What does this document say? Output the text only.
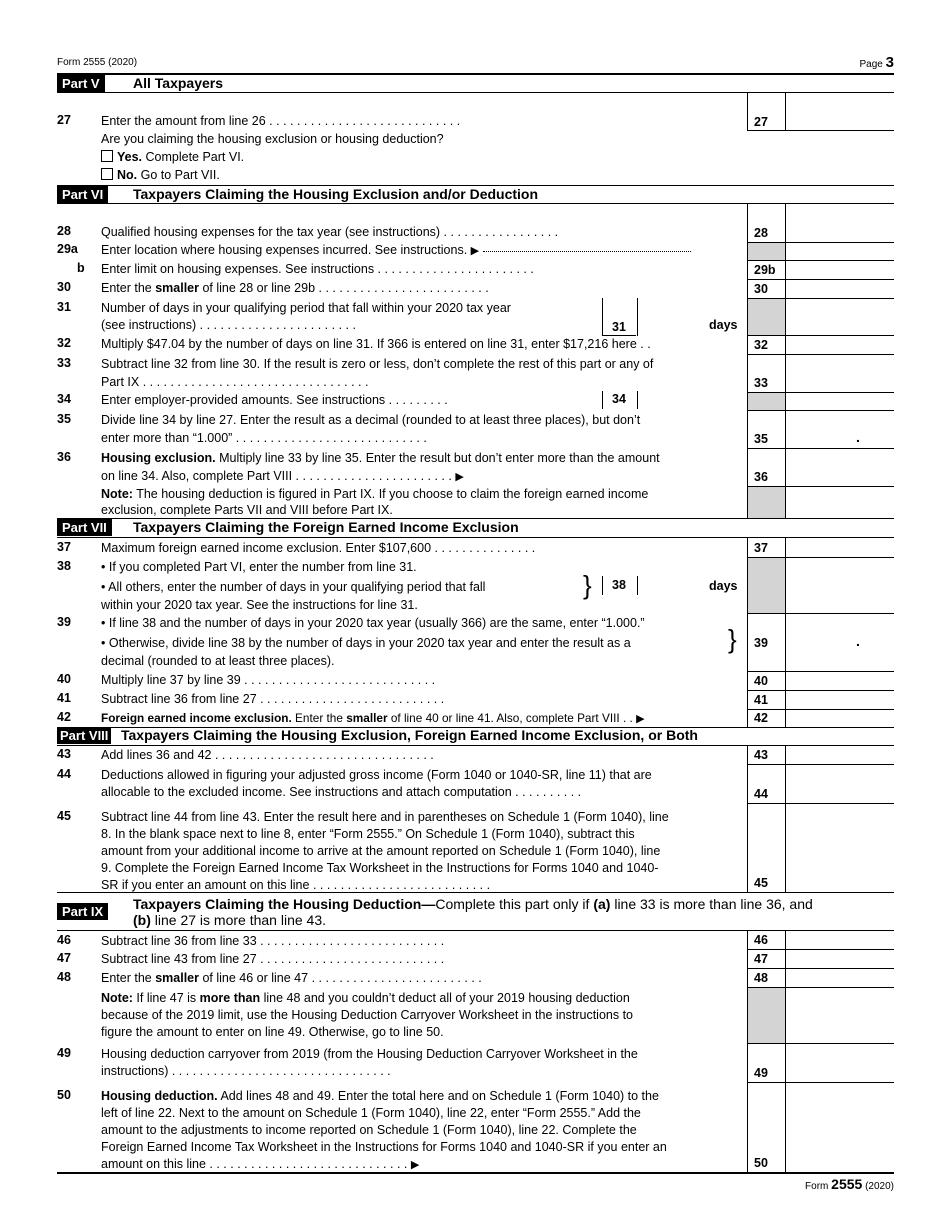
Form 2555 (2020)	Page 3
Part V	All Taxpayers
27
27 Enter the amount from line 26 . . . . . . . . . . . . . . . . . . . . . . . . . . . .
Are you claiming the housing exclusion or housing deduction?
Yes. Complete Part VI.
No. Go to Part VII.
Part VI	Taxpayers Claiming the Housing Exclusion and/or Deduction
28
28 Qualified housing expenses for the tax year (see instructions) . . . . . . . . . . . . . . . . .
29a Enter location where housing expenses incurred. See instructions. ▶
29b
b Enter limit on housing expenses. See instructions . . . . . . . . . . . . . . . . . . . . . . .
30
30 Enter the smaller of line 28 or line 29b . . . . . . . . . . . . . . . . . . . . . . . . .
31 Number of days in your qualifying period that fall within your 2020 tax year
(see instructions) . . . . . . . . . . . . . . . . . . . . . . .	31	days
32
32 Multiply $47.04 by the number of days on line 31. If 366 is entered on line 31, enter $17,216 here . .
33
33 Subtract line 32 from line 30. If the result is zero or less, don’t complete the rest of this part or any of
Part IX . . . . . . . . . . . . . . . . . . . . . . . . . . . . . . . . .
34 Enter employer-provided amounts. See instructions . . . . . . . . .	34
35
35 Divide line 34 by line 27. Enter the result as a decimal (rounded to at least three places), but don’t
enter more than “1.000” . . . . . . . . . . . . . . . . . . . . . . . . . . . .	.
36
36 Housing exclusion. Multiply line 33 by line 35. Enter the result but don’t enter more than the amount
on line 34. Also, complete Part VIII . . . . . . . . . . . . . . . . . . . . . . . ▶
Note: The housing deduction is figured in Part IX. If you choose to claim the foreign earned income
exclusion, complete Parts VII and VIII before Part IX.
Part VII	Taxpayers Claiming the Foreign Earned Income Exclusion
37
37 Maximum foreign earned income exclusion. Enter $107,600 . . . . . . . . . . . . . . .
38 • If you completed Part VI, enter the number from line 31.
• All others, enter the number of days in your qualifying period that fall
within your 2020 tax year. See the instructions for line 31.
} 38	days
39
39 • If line 38 and the number of days in your 2020 tax year (usually 366) are the same, enter “1.000.”
• Otherwise, divide line 38 by the number of days in your 2020 tax year and enter the result as a
decimal (rounded to at least three places).
}	.
40
40 Multiply line 37 by line 39 . . . . . . . . . . . . . . . . . . . . . . . . . . . .
41
41 Subtract line 36 from line 27 . . . . . . . . . . . . . . . . . . . . . . . . . . .
42
42	Foreign earned income exclusion. Enter the smaller of line 40 or line 41. Also, complete Part VIII . . ▶
Part VIII Taxpayers Claiming the Housing Exclusion, Foreign Earned Income Exclusion, or Both
43
43 Add lines 36 and 42 . . . . . . . . . . . . . . . . . . . . . . . . . . . . . . . .
44
44 Deductions allowed in figuring your adjusted gross income (Form 1040 or 1040-SR, line 11) that are
allocable to the excluded income. See instructions and attach computation . . . . . . . . . .
45
45 Subtract line 44 from line 43. Enter the result here and in parentheses on Schedule 1 (Form 1040), line
8. In the blank space next to line 8, enter “Form 2555.” On Schedule 1 (Form 1040), subtract this
amount from your additional income to arrive at the amount reported on Schedule 1 (Form 1040), line
9. Complete the Foreign Earned Income Tax Worksheet in the Instructions for Forms 1040 and 1040-
SR if you enter an amount on this line . . . . . . . . . . . . . . . . . . . . . . . . . .
Part IX	Taxpayers Claiming the Housing Deduction—Complete this part only if (a) line 33 is more than line 36, and
(b) line 27 is more than line 43.
46
46 Subtract line 36 from line 33 . . . . . . . . . . . . . . . . . . . . . . . . . . .
47
47 Subtract line 43 from line 27 . . . . . . . . . . . . . . . . . . . . . . . . . . .
48
48 Enter the smaller of line 46 or line 47 . . . . . . . . . . . . . . . . . . . . . . . . .
Note: If line 47 is more than line 48 and you couldn’t deduct all of your 2019 housing deduction
because of the 2019 limit, use the Housing Deduction Carryover Worksheet in the instructions to
figure the amount to enter on line 49. Otherwise, go to line 50.
49
49 Housing deduction carryover from 2019 (from the Housing Deduction Carryover Worksheet in the
instructions) . . . . . . . . . . . . . . . . . . . . . . . . . . . . . . . .
50
50 Housing deduction. Add lines 48 and 49. Enter the total here and on Schedule 1 (Form 1040) to the
left of line 22. Next to the amount on Schedule 1 (Form 1040), line 22, enter “Form 2555.” Add the
amount to the adjustments to income reported on Schedule 1 (Form 1040), line 22. Complete the
Foreign Earned Income Tax Worksheet in the Instructions for Forms 1040 and 1040-SR if you enter an
amount on this line . . . . . . . . . . . . . . . . . . . . . . . . . . . . . ▶
Form 2555 (2020)
